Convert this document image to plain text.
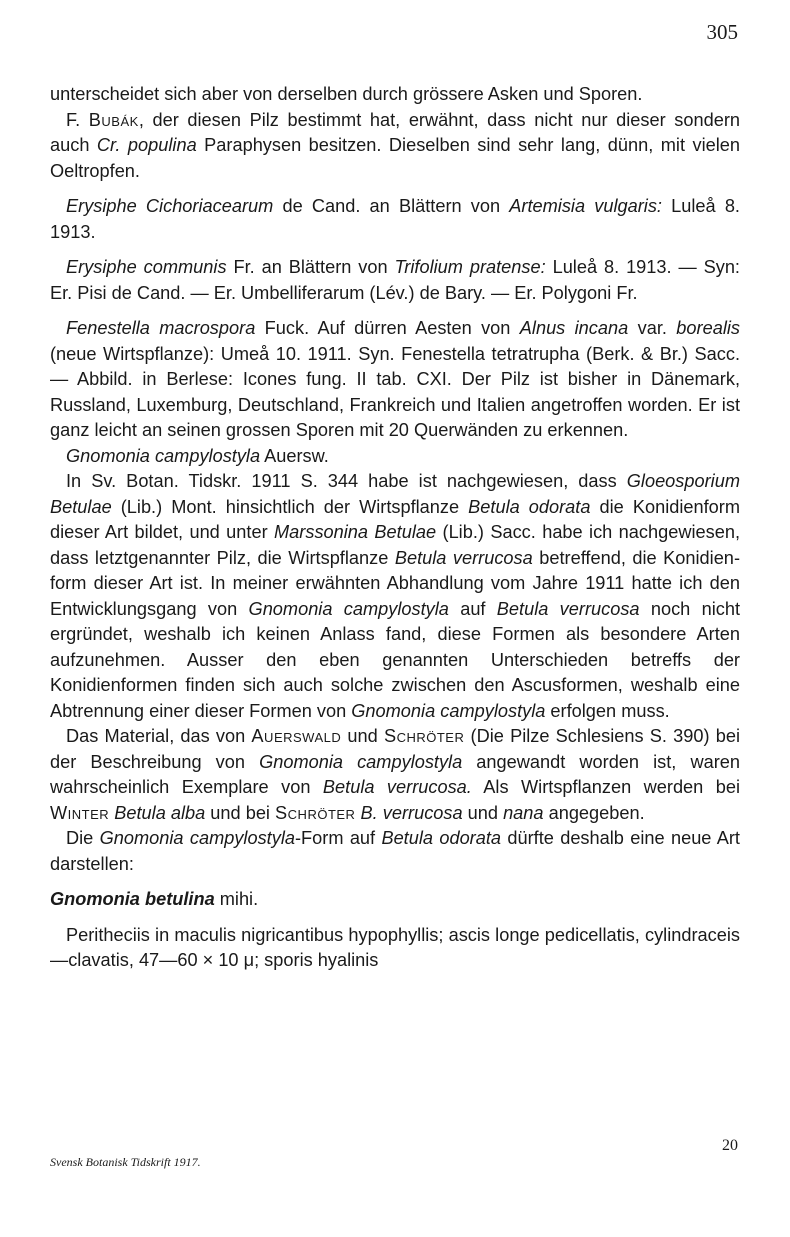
305

unterscheidet sich aber von derselben durch grössere Asken und Sporen.

F. Bubák, der diesen Pilz bestimmt hat, erwähnt, dass nicht nur dieser sondern auch Cr. populina Paraphysen besitzen. Dieselben sind sehr lang, dünn, mit vielen Oeltropfen.

Erysiphe Cichoriacearum de Cand. an Blättern von Artemisia vulgaris: Luleå 8. 1913.

Erysiphe communis Fr. an Blättern von Trifolium pratense: Luleå 8. 1913. — Syn: Er. Pisi de Cand. — Er. Umbelliferarum (Lév.) de Bary. — Er. Polygoni Fr.

Fenestella macrospora Fuck. Auf dürren Aesten von Alnus incana var. borealis (neue Wirtspflanze): Umeå 10. 1911. Syn. Fenestella tetratrupha (Berk. & Br.) Sacc. — Abbild. in Berlese: Icones fung. II tab. CXI. Der Pilz ist bisher in Dänemark, Russland, Luxemburg, Deutschland, Frankreich und Italien angetroffen worden. Er ist ganz leicht an seinen grossen Sporen mit 20 Querwänden zu erkennen.

Gnomonia campylostyla Auersw.

In Sv. Botan. Tidskr. 1911 S. 344 habe ist nachgewiesen, dass Gloeosporium Betulae (Lib.) Mont. hinsichtlich der Wirtspflanze Betula odorata die Konidienform dieser Art bildet, und unter Marssonina Betulae (Lib.) Sacc. habe ich nachgewiesen, dass letztgenannter Pilz, die Wirtspflanze Betula verrucosa betreffend, die Konidienform dieser Art ist. In meiner erwähnten Abhandlung vom Jahre 1911 hatte ich den Entwicklungsgang von Gnomonia campylostyla auf Betula verrucosa noch nicht ergründet, weshalb ich keinen Anlass fand, diese Formen als besondere Arten aufzunehmen. Ausser den eben genannten Unterschieden betreffs der Konidienformen finden sich auch solche zwischen den Ascusformen, weshalb eine Abtrennung einer dieser Formen von Gnomonia campylostyla erfolgen muss.

Das Material, das von Auerswald und Schröter (Die Pilze Schlesiens S. 390) bei der Beschreibung von Gnomonia campylostyla angewandt worden ist, waren wahrscheinlich Exemplare von Betula verrucosa. Als Wirtspflanzen werden bei Winter Betula alba und bei Schröter B. verrucosa und nana angegeben.

Die Gnomonia campylostyla-Form auf Betula odorata dürfte deshalb eine neue Art darstellen:

Gnomonia betulina mihi.

Peritheciis in maculis nigricantibus hypophyllis; ascis longe pedicellatis, cylindraceis—clavatis, 47—60 × 10 μ; sporis hyalinis

20
Svensk Botanisk Tidskrift 1917.
